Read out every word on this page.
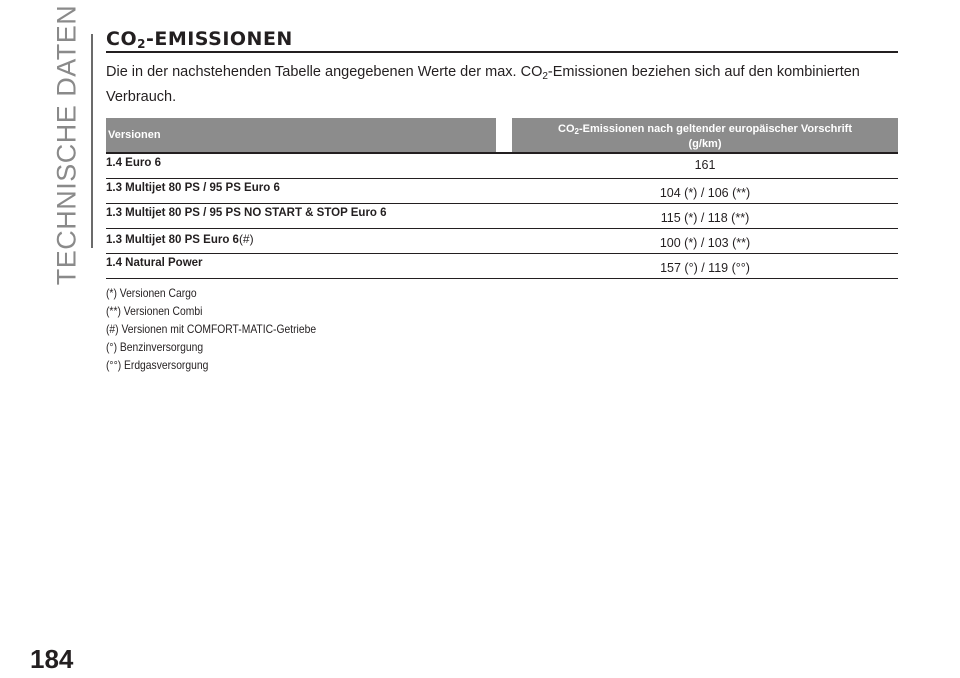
TECHNISCHE DATEN $CO_2$-EMISSIONEN
Die in der nachstehenden Tabelle angegebenen Werte der max. $CO_2$-Emissionen beziehen sich auf den kombinierten Verbrauch.
Versionen	$CO_2$-Emissionen nach geltender europäischer Vorschrift
(g/km)
1.4 Euro 6	161
1.3 Multijet 80 PS / 95 PS Euro 6	104 (*) / 106 (**)
1.3 Multijet 80 PS / 95 PS NO START & STOP Euro 6	115 (*) / 118 (**)
1.3 Multijet 80 PS Euro 6(#)	100 (*) / 103 (**)
1.4 Natural Power	157 (°) / 119 (°°)
(*) Versionen Cargo
(**) Versionen Combi
(#) Versionen mit COMFORT-MATIC-Getriebe
(°) Benzinversorgung
(°°) Erdgasversorgung
184
